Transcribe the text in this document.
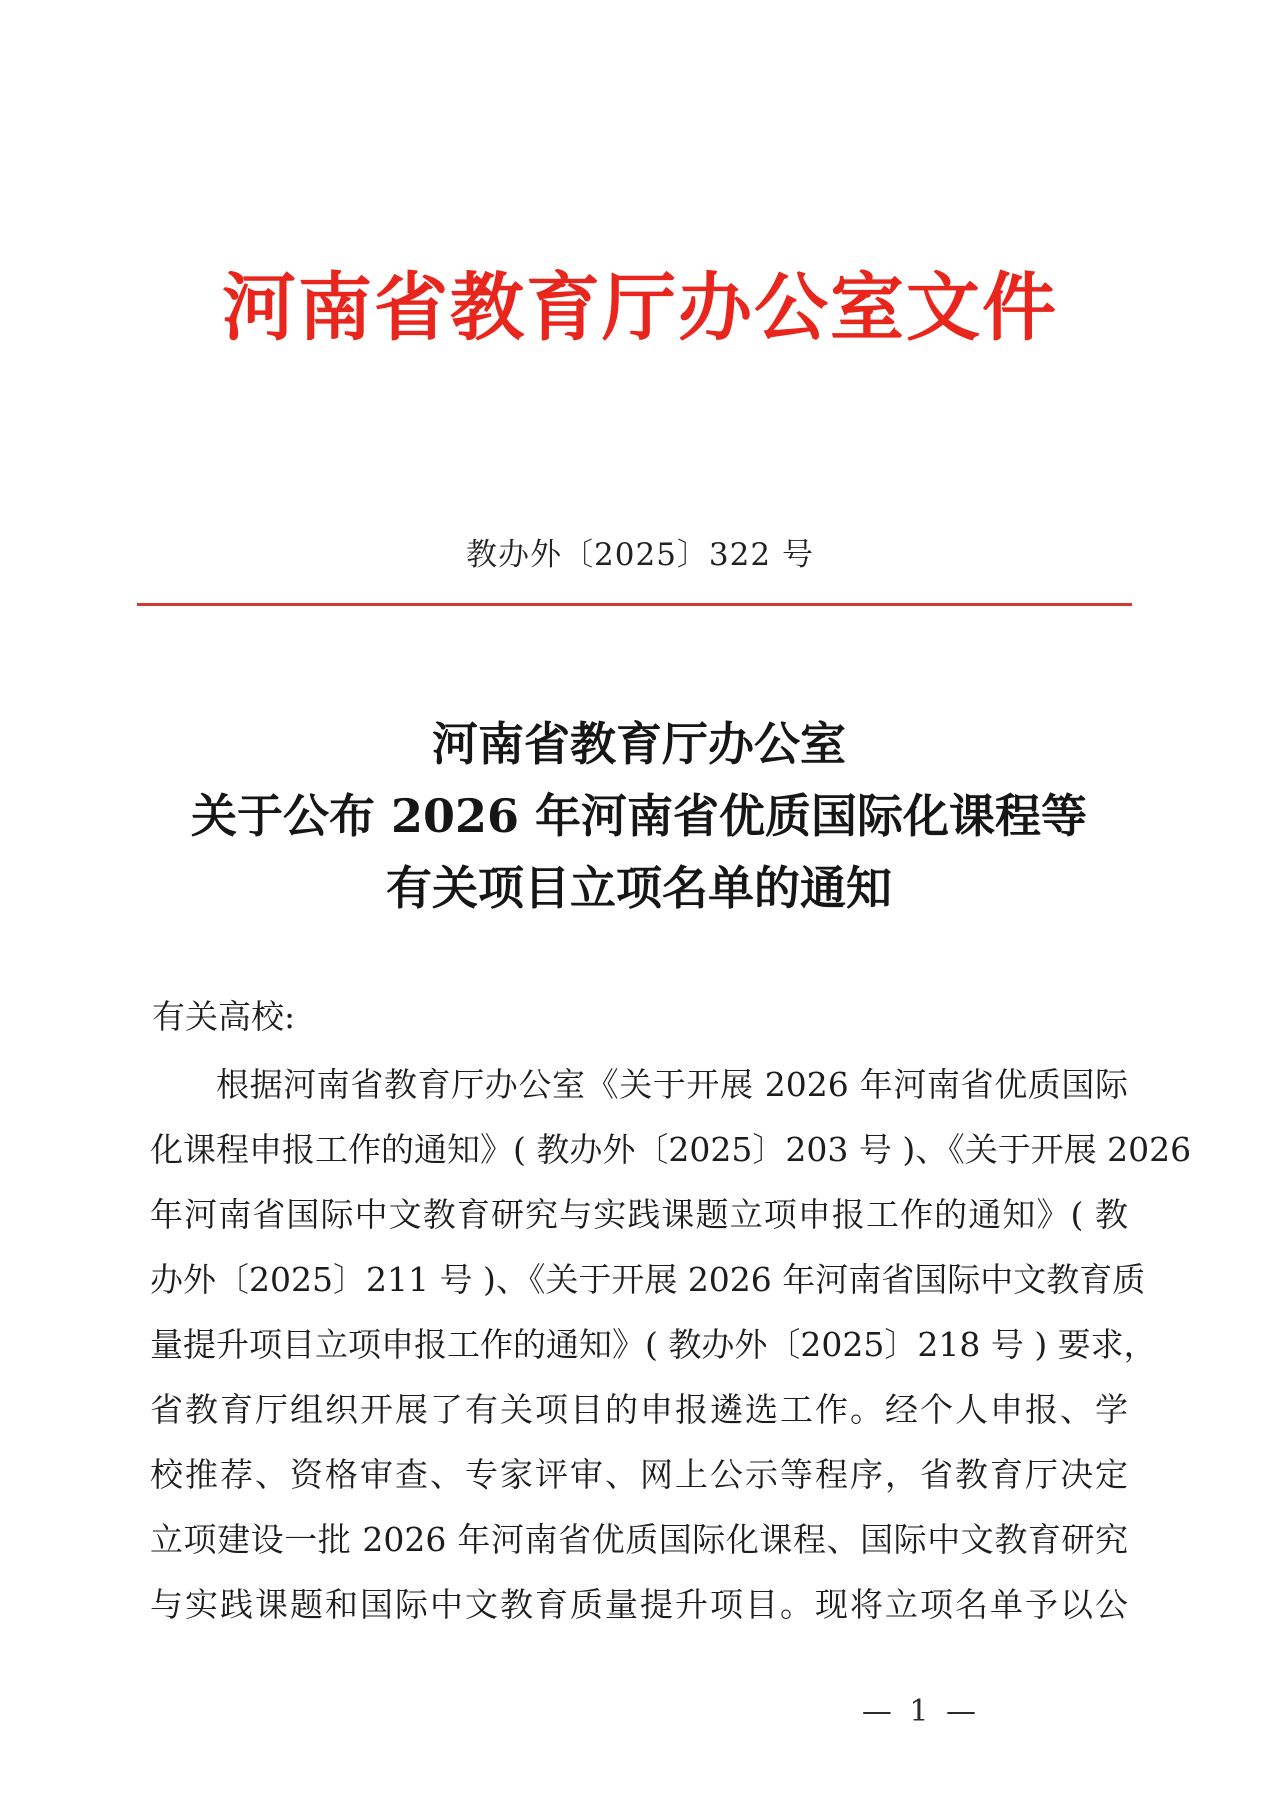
河南省教育厅办公室文件
教办外〔2025〕322 号
河南省教育厅办公室
关于公布 2026 年河南省优质国际化课程等
有关项目立项名单的通知
有关高校:
根据河南省教育厅办公室《关于开展 2026 年河南省优质国际
化课程申报工作的通知》( 教办外〔2025〕203 号 )、《关于开展 2026
年河南省国际中文教育研究与实践课题立项申报工作的通知》( 教
办外〔2025〕211 号 )、《关于开展 2026 年河南省国际中文教育质
量提升项目立项申报工作的通知》( 教办外〔2025〕218 号 ) 要求，
省教育厅组织开展了有关项目的申报遴选工作。经个人申报、学
校推荐、资格审查、专家评审、网上公示等程序，省教育厅决定
立项建设一批 2026 年河南省优质国际化课程、国际中文教育研究
与实践课题和国际中文教育质量提升项目。现将立项名单予以公
— 1 —
